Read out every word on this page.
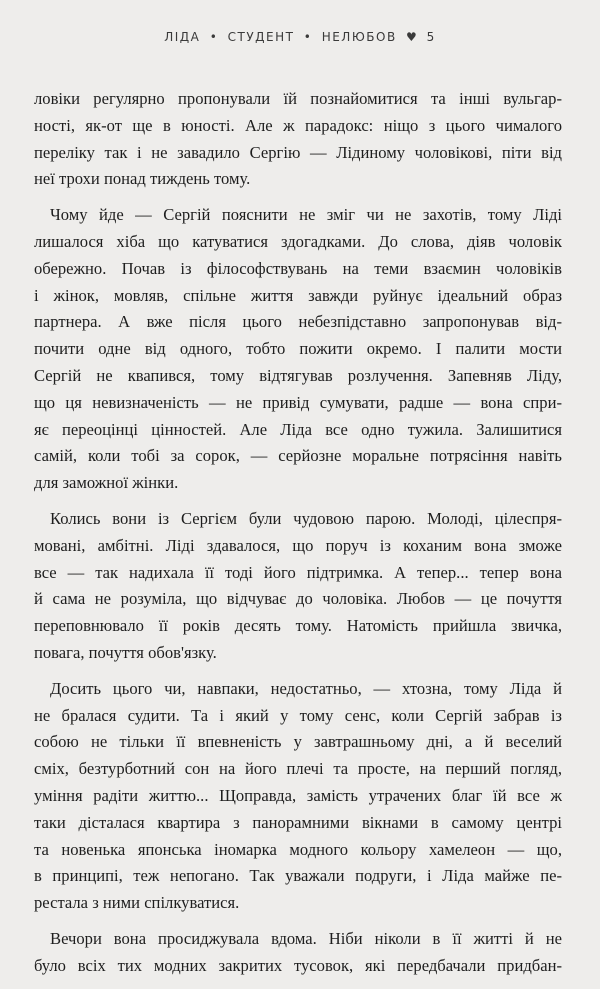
ЛІДА • СТУДЕНТ • НЕЛЮБОВ ♥ 5
ловіки регулярно пропонували їй познайомитися та інші вульгар-
ності, як-от ще в юності. Але ж парадокс: ніщо з цього чималого
переліку так і не завадило Сергію — Лідиному чоловікові, піти від
неї трохи понад тиждень тому.
Чому йде — Сергій пояснити не зміг чи не захотів, тому Ліді
лишалося хіба що катуватися здогадками. До слова, діяв чоловік
обережно. Почав із філософствувань на теми взаємин чоловіків
і жінок, мовляв, спільне життя завжди руйнує ідеальний образ
партнера. А вже після цього небезпідставно запропонував від-
почити одне від одного, тобто пожити окремо. І палити мости
Сергій не квапився, тому відтягував розлучення. Запевняв Ліду,
що ця невизначеність — не привід сумувати, радше — вона спри-
яє переоцінці цінностей. Але Ліда все одно тужила. Залишитися
самій, коли тобі за сорок, — серйозне моральне потрясіння навіть
для заможної жінки.
Колись вони із Сергієм були чудовою парою. Молоді, цілеспря-
мовані, амбітні. Ліді здавалося, що поруч із коханим вона зможе
все — так надихала її тоді його підтримка. А тепер... тепер вона
й сама не розуміла, що відчуває до чоловіка. Любов — це почуття
переповнювало її років десять тому. Натомість прийшла звичка,
повага, почуття обов'язку.
Досить цього чи, навпаки, недостатньо, — хтозна, тому Ліда й
не бралася судити. Та і який у тому сенс, коли Сергій забрав із
собою не тільки її впевненість у завтрашньому дні, а й веселий
сміх, безтурботний сон на його плечі та просте, на перший погляд,
уміння радіти життю... Щоправда, замість утрачених благ їй все ж
таки дісталася квартира з панорамними вікнами в самому центрі
та новенька японська іномарка модного кольору хамелеон — що,
в принципі, теж непогано. Так уважали подруги, і Ліда майже пе-
рестала з ними спілкуватися.
Вечори вона просиджувала вдома. Ніби ніколи в її житті й не
було всіх тих модних закритих тусовок, які передбачали придбан-
